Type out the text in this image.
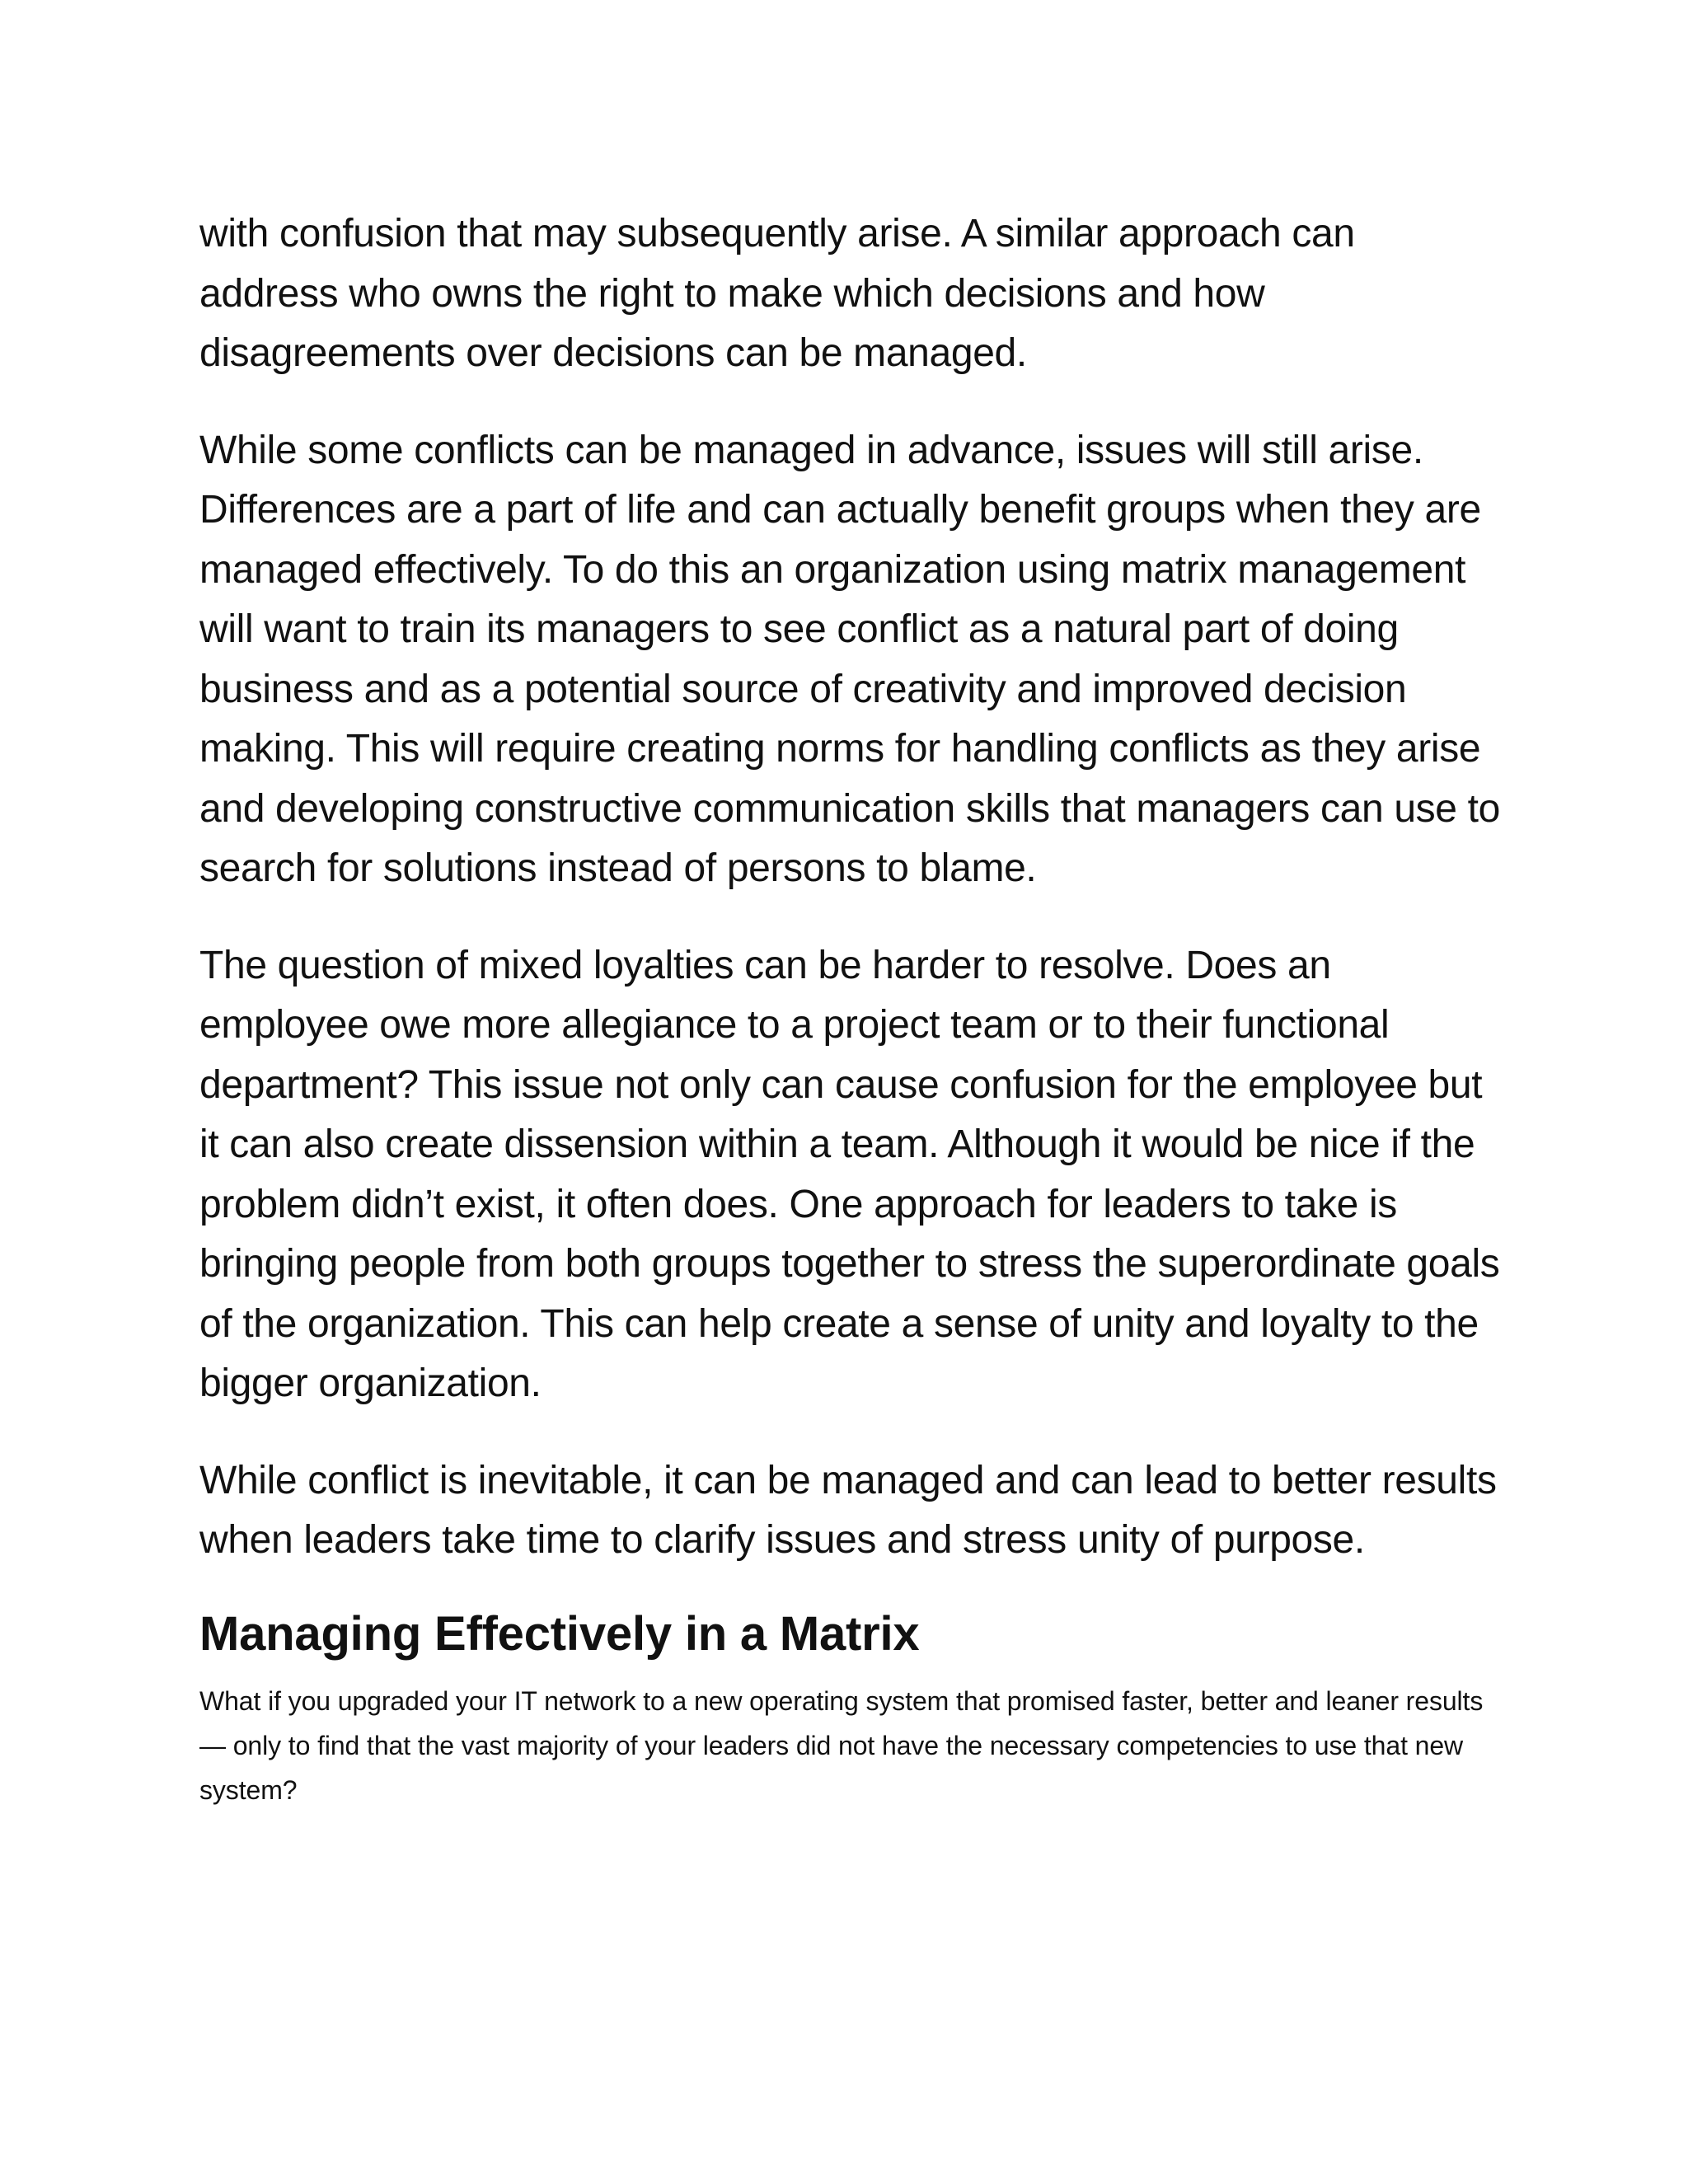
with confusion that may subsequently arise. A similar approach can address who owns the right to make which decisions and how disagreements over decisions can be managed.

While some conflicts can be managed in advance, issues will still arise. Differences are a part of life and can actually benefit groups when they are managed effectively. To do this an organization using matrix management will want to train its managers to see conflict as a natural part of doing business and as a potential source of creativity and improved decision making. This will require creating norms for handling conflicts as they arise and developing constructive communication skills that managers can use to search for solutions instead of persons to blame.

The question of mixed loyalties can be harder to resolve. Does an employee owe more allegiance to a project team or to their functional department? This issue not only can cause confusion for the employee but it can also create dissension within a team. Although it would be nice if the problem didn’t exist, it often does. One approach for leaders to take is bringing people from both groups together to stress the superordinate goals of the organization. This can help create a sense of unity and loyalty to the bigger organization.

While conflict is inevitable, it can be managed and can lead to better results when leaders take time to clarify issues and stress unity of purpose.

Managing Effectively in a Matrix

What if you upgraded your IT network to a new operating system that promised faster, better and leaner results — only to find that the vast majority of your leaders did not have the necessary competencies to use that new system?
